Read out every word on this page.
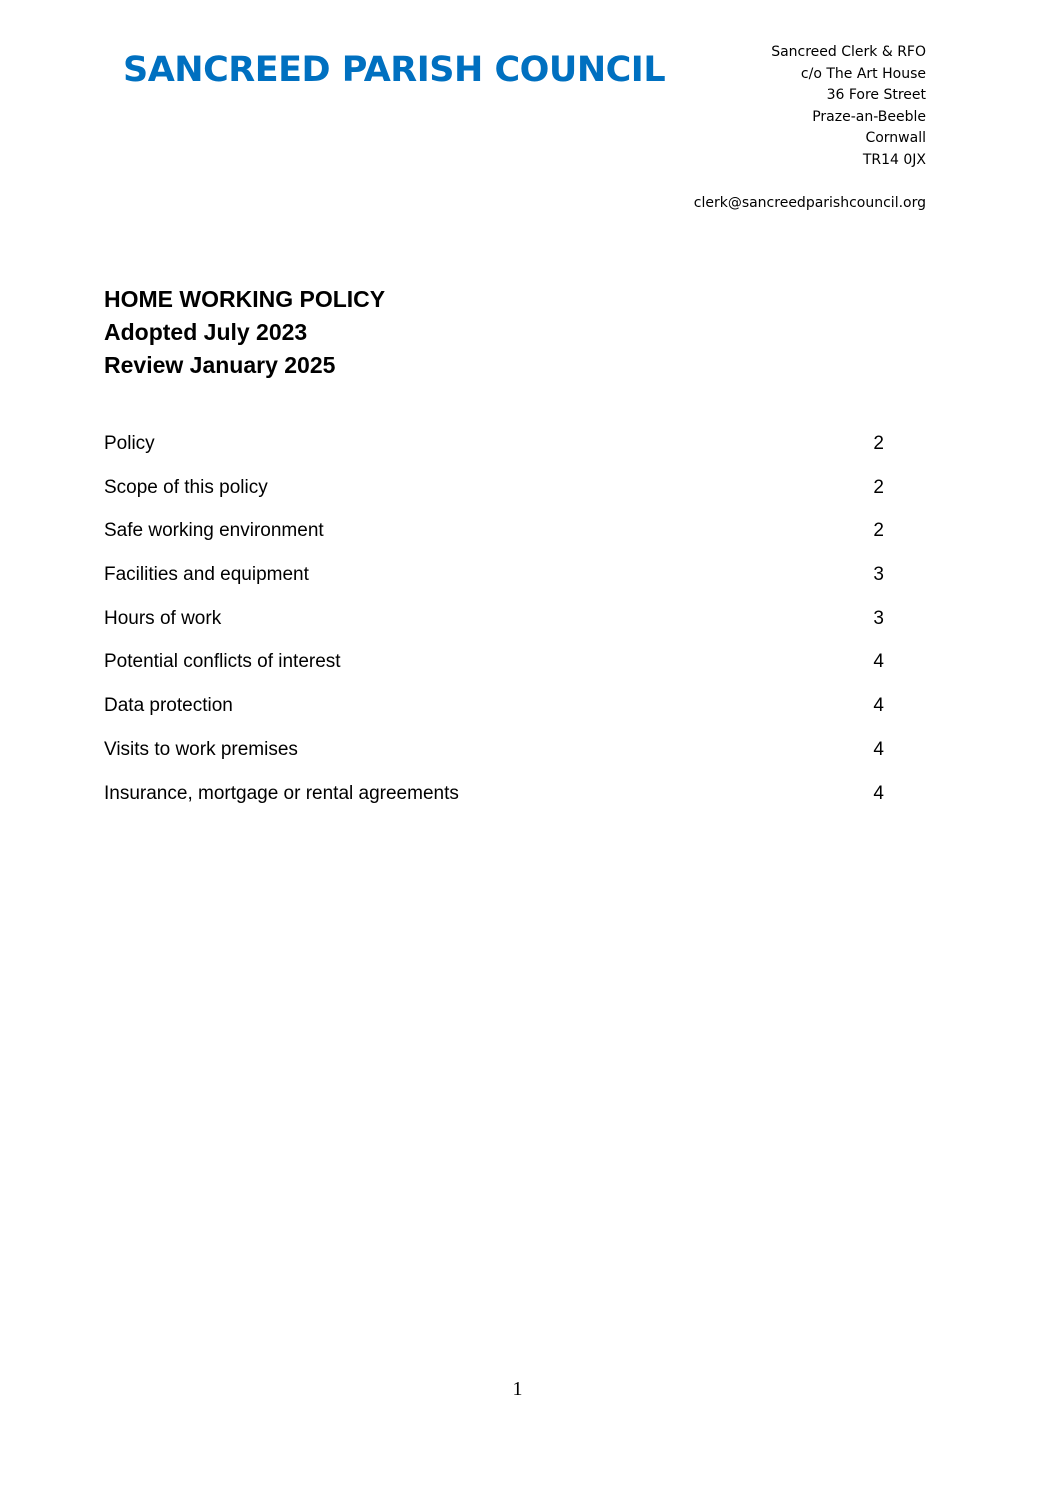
SANCREED PARISH COUNCIL	Sancreed Clerk & RFO
c/o The Art House
36 Fore Street
Praze-an-Beeble
Cornwall
TR14 0JX
clerk@sancreedparishcouncil.org
HOME WORKING POLICY
Adopted July 2023
Review January 2025
Policy	2
Scope of this policy	2
Safe working environment	2
Facilities and equipment	3
Hours of work	3
Potential conflicts of interest	4
Data protection	4
Visits to work premises	4
Insurance, mortgage or rental agreements	4
1
